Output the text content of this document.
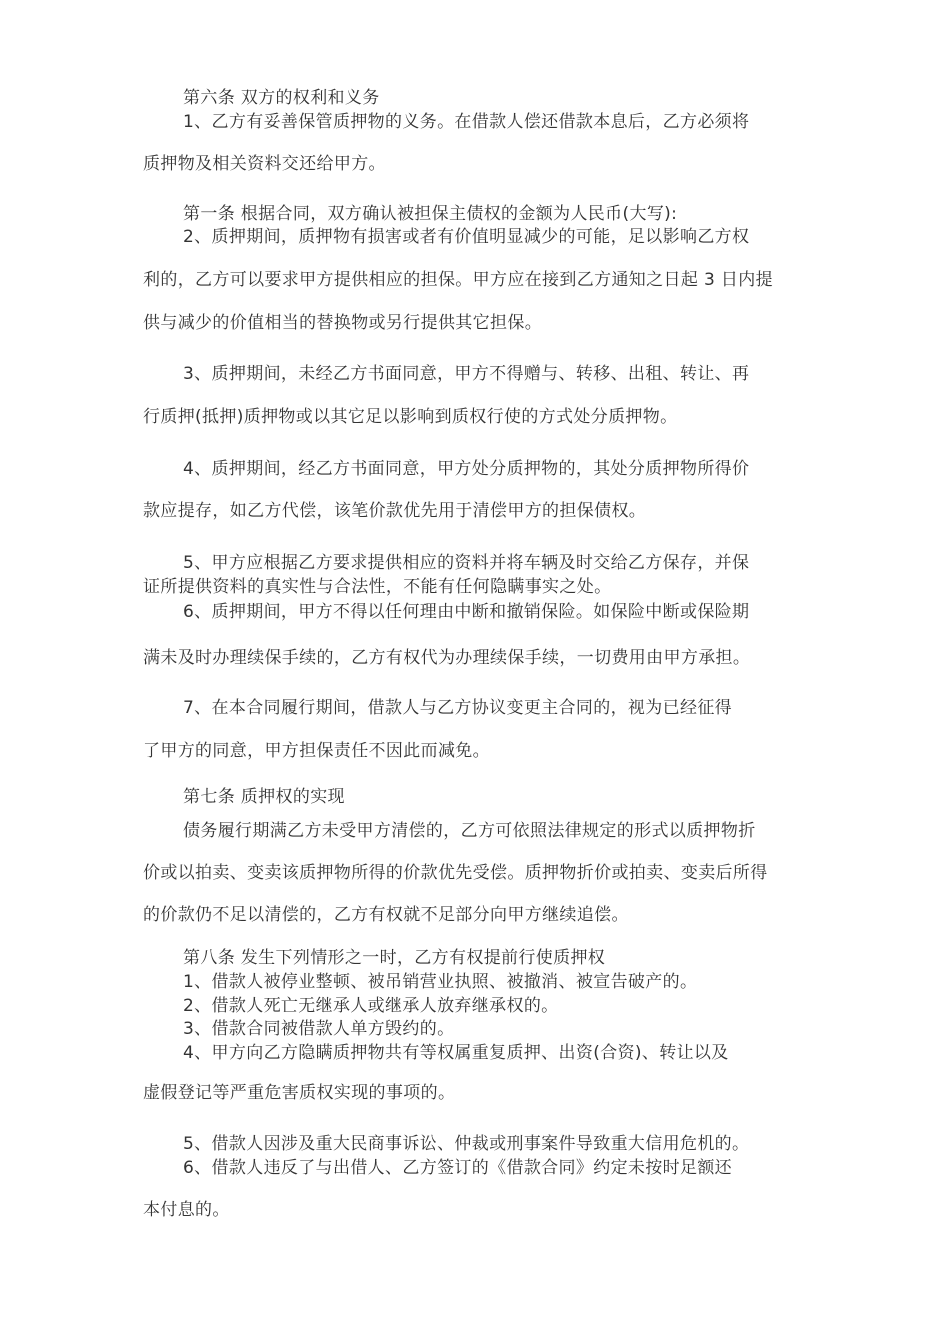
第六条 双方的权利和义务
1、乙方有妥善保管质押物的义务。在借款人偿还借款本息后，乙方必须将
质押物及相关资料交还给甲方。
第一条 根据合同，双方确认被担保主债权的金额为人民币(大写):
2、质押期间，质押物有损害或者有价值明显减少的可能，足以影响乙方权
利的，乙方可以要求甲方提供相应的担保。甲方应在接到乙方通知之日起 3 日内提
供与减少的价值相当的替换物或另行提供其它担保。
3、质押期间，未经乙方书面同意，甲方不得赠与、转移、出租、转让、再
行质押(抵押)质押物或以其它足以影响到质权行使的方式处分质押物。
4、质押期间，经乙方书面同意，甲方处分质押物的，其处分质押物所得价
款应提存，如乙方代偿，该笔价款优先用于清偿甲方的担保债权。
5、甲方应根据乙方要求提供相应的资料并将车辆及时交给乙方保存，并保
证所提供资料的真实性与合法性，不能有任何隐瞒事实之处。
6、质押期间，甲方不得以任何理由中断和撤销保险。如保险中断或保险期
满未及时办理续保手续的，乙方有权代为办理续保手续，一切费用由甲方承担。
7、在本合同履行期间，借款人与乙方协议变更主合同的，视为已经征得
了甲方的同意，甲方担保责任不因此而减免。
第七条 质押权的实现
债务履行期满乙方未受甲方清偿的，乙方可依照法律规定的形式以质押物折
价或以拍卖、变卖该质押物所得的价款优先受偿。质押物折价或拍卖、变卖后所得
的价款仍不足以清偿的，乙方有权就不足部分向甲方继续追偿。
第八条 发生下列情形之一时，乙方有权提前行使质押权
1、借款人被停业整顿、被吊销营业执照、被撤消、被宣告破产的。
2、借款人死亡无继承人或继承人放弃继承权的。
3、借款合同被借款人单方毁约的。
4、甲方向乙方隐瞒质押物共有等权属重复质押、出资(合资)、转让以及
虚假登记等严重危害质权实现的事项的。
5、借款人因涉及重大民商事诉讼、仲裁或刑事案件导致重大信用危机的。
6、借款人违反了与出借人、乙方签订的《借款合同》约定未按时足额还
本付息的。
